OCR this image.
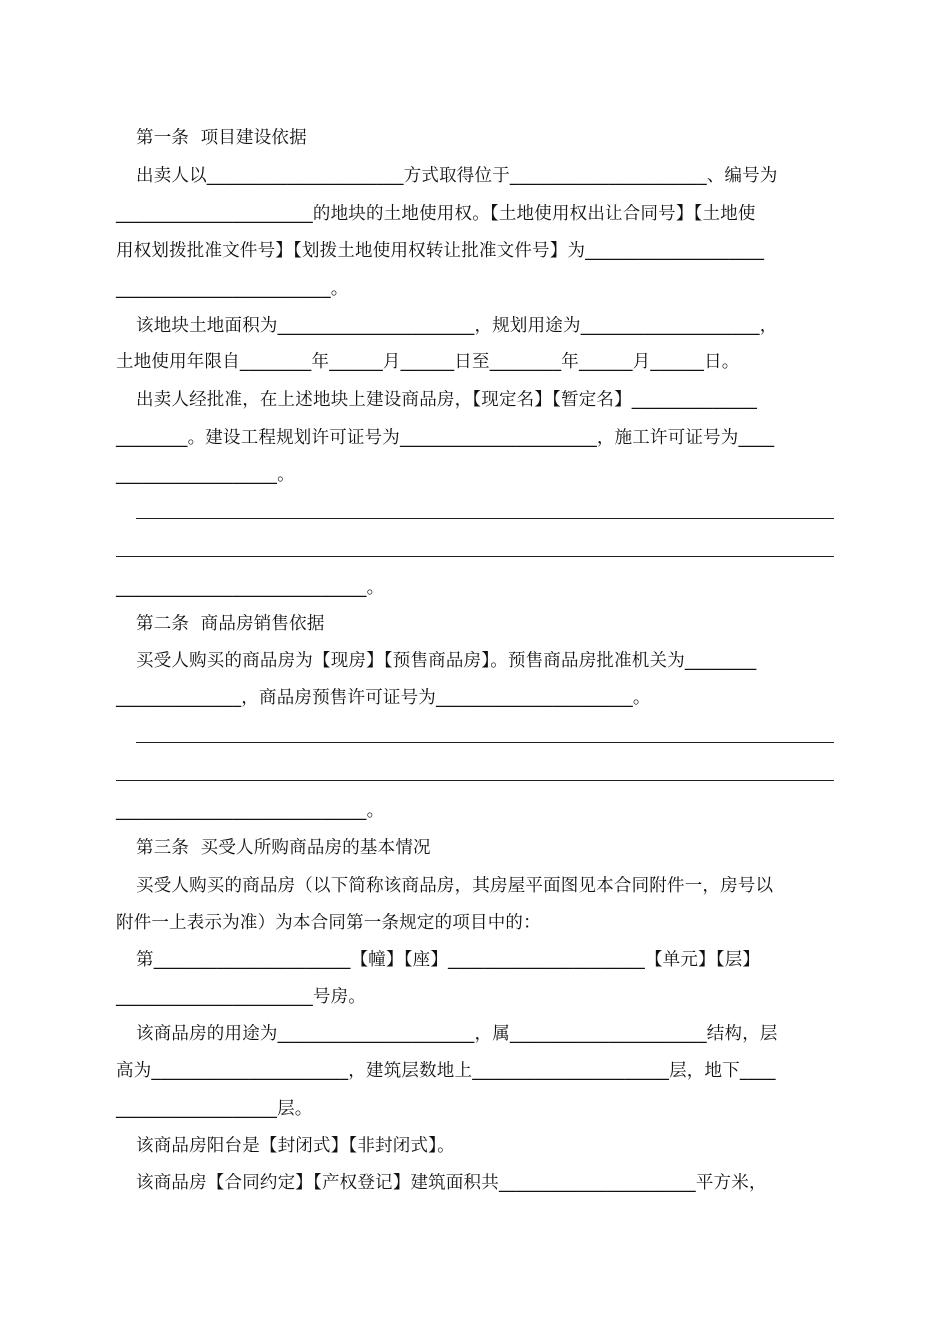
第一条  项目建设依据
出卖人以______________________方式取得位于______________________、编号为
______________________的地块的土地使用权。【土地使用权出让合同号】【土地使
用权划拨批准文件号】【划拨土地使用权转让批准文件号】为____________________
________________________。
该地块土地面积为______________________，规划用途为____________________，
土地使用年限自________年______月______日至________年______月______日。
出卖人经批准，在上述地块上建设商品房，【现定名】【暂定名】______________
________。建设工程规划许可证号为______________________，施工许可证号为____
__________________。
____________________________。
第二条  商品房销售依据
买受人购买的商品房为【现房】【预售商品房】。预售商品房批准机关为________
______________，商品房预售许可证号为______________________。
____________________________。
第三条  买受人所购商品房的基本情况
买受人购买的商品房（以下简称该商品房，其房屋平面图见本合同附件一，房号以
附件一上表示为准）为本合同第一条规定的项目中的：
第______________________【幢】【座】______________________【单元】【层】
______________________号房。
该商品房的用途为______________________，属______________________结构，层
高为______________________，建筑层数地上______________________层，地下____
__________________层。
该商品房阳台是【封闭式】【非封闭式】。
该商品房【合同约定】【产权登记】建筑面积共______________________平方米，
